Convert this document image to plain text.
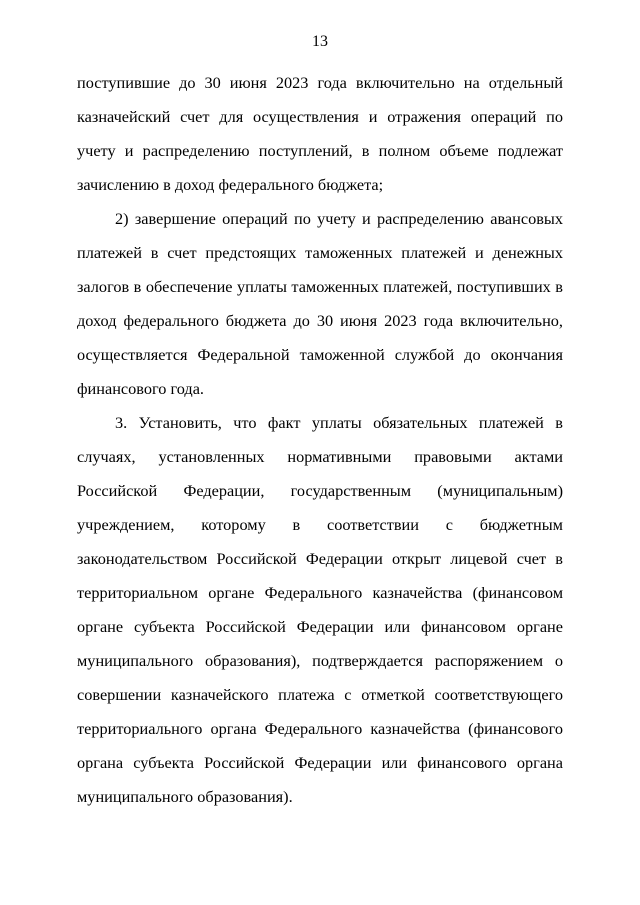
13

поступившие до 30 июня 2023 года включительно на отдельный казначейский счет для осуществления и отражения операций по учету и распределению поступлений, в полном объеме подлежат зачислению в доход федерального бюджета;

2) завершение операций по учету и распределению авансовых платежей в счет предстоящих таможенных платежей и денежных залогов в обеспечение уплаты таможенных платежей, поступивших в доход федерального бюджета до 30 июня 2023 года включительно, осуществляется Федеральной таможенной службой до окончания финансового года.

3. Установить, что факт уплаты обязательных платежей в случаях, установленных нормативными правовыми актами Российской Федерации, государственным (муниципальным) учреждением, которому в соответствии с бюджетным законодательством Российской Федерации открыт лицевой счет в территориальном органе Федерального казначейства (финансовом органе субъекта Российской Федерации или финансовом органе муниципального образования), подтверждается распоряжением о совершении казначейского платежа с отметкой соответствующего территориального органа Федерального казначейства (финансового органа субъекта Российской Федерации или финансового органа муниципального образования).
